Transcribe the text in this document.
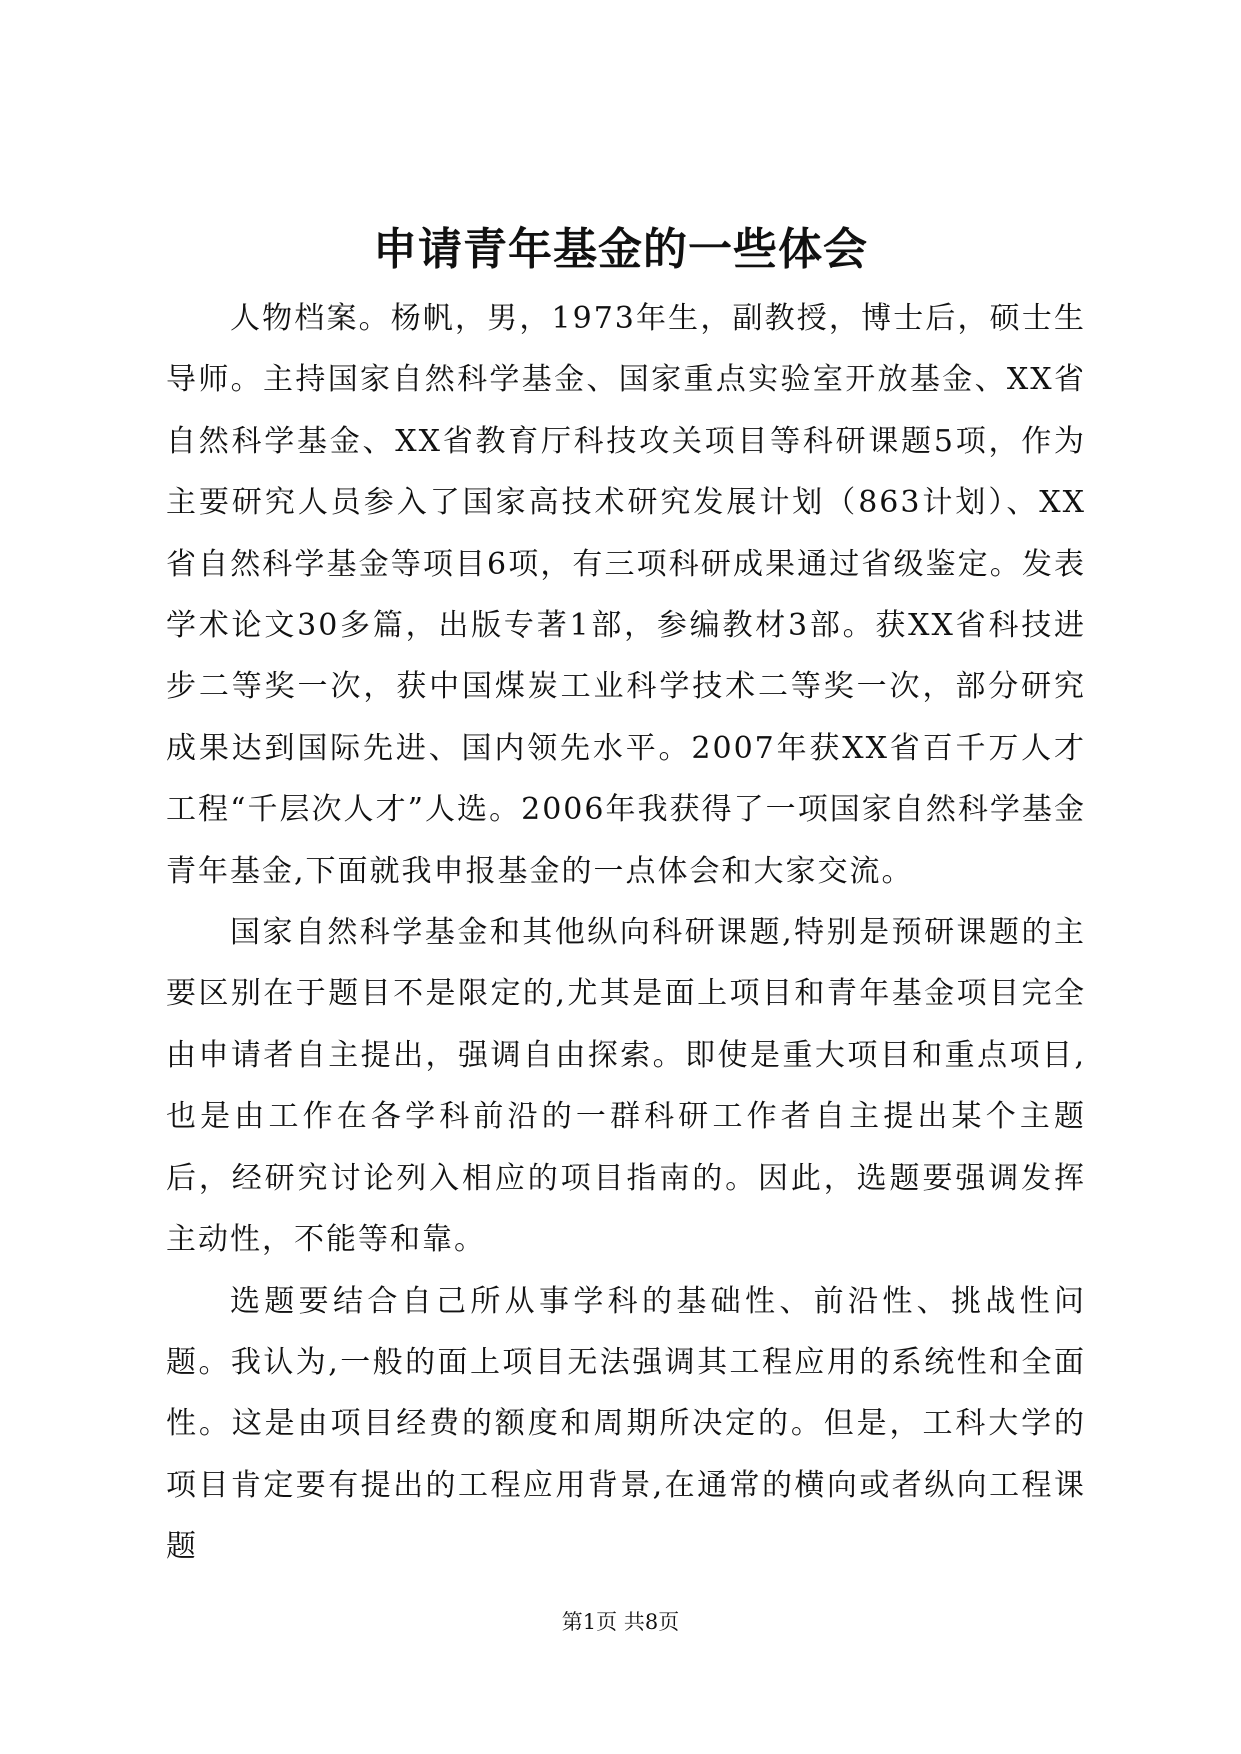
申请青年基金的一些体会

人物档案。杨帆，男，1973年生，副教授，博士后，硕士生导师。主持国家自然科学基金、国家重点实验室开放基金、XX省自然科学基金、XX省教育厅科技攻关项目等科研课题5项，作为主要研究人员参入了国家高技术研究发展计划（863计划）、XX省自然科学基金等项目6项，有三项科研成果通过省级鉴定。发表学术论文30多篇，出版专著1部，参编教材3部。获XX省科技进步二等奖一次，获中国煤炭工业科学技术二等奖一次，部分研究成果达到国际先进、国内领先水平。2007年获XX省百千万人才工程“千层次人才”人选。2006年我获得了一项国家自然科学基金青年基金,下面就我申报基金的一点体会和大家交流。

国家自然科学基金和其他纵向科研课题,特别是预研课题的主要区别在于题目不是限定的,尤其是面上项目和青年基金项目完全由申请者自主提出，强调自由探索。即使是重大项目和重点项目,也是由工作在各学科前沿的一群科研工作者自主提出某个主题后，经研究讨论列入相应的项目指南的。因此，选题要强调发挥主动性，不能等和靠。

选题要结合自己所从事学科的基础性、前沿性、挑战性问题。我认为,一般的面上项目无法强调其工程应用的系统性和全面性。这是由项目经费的额度和周期所决定的。但是，工科大学的项目肯定要有提出的工程应用背景,在通常的横向或者纵向工程课题

第1页 共8页
